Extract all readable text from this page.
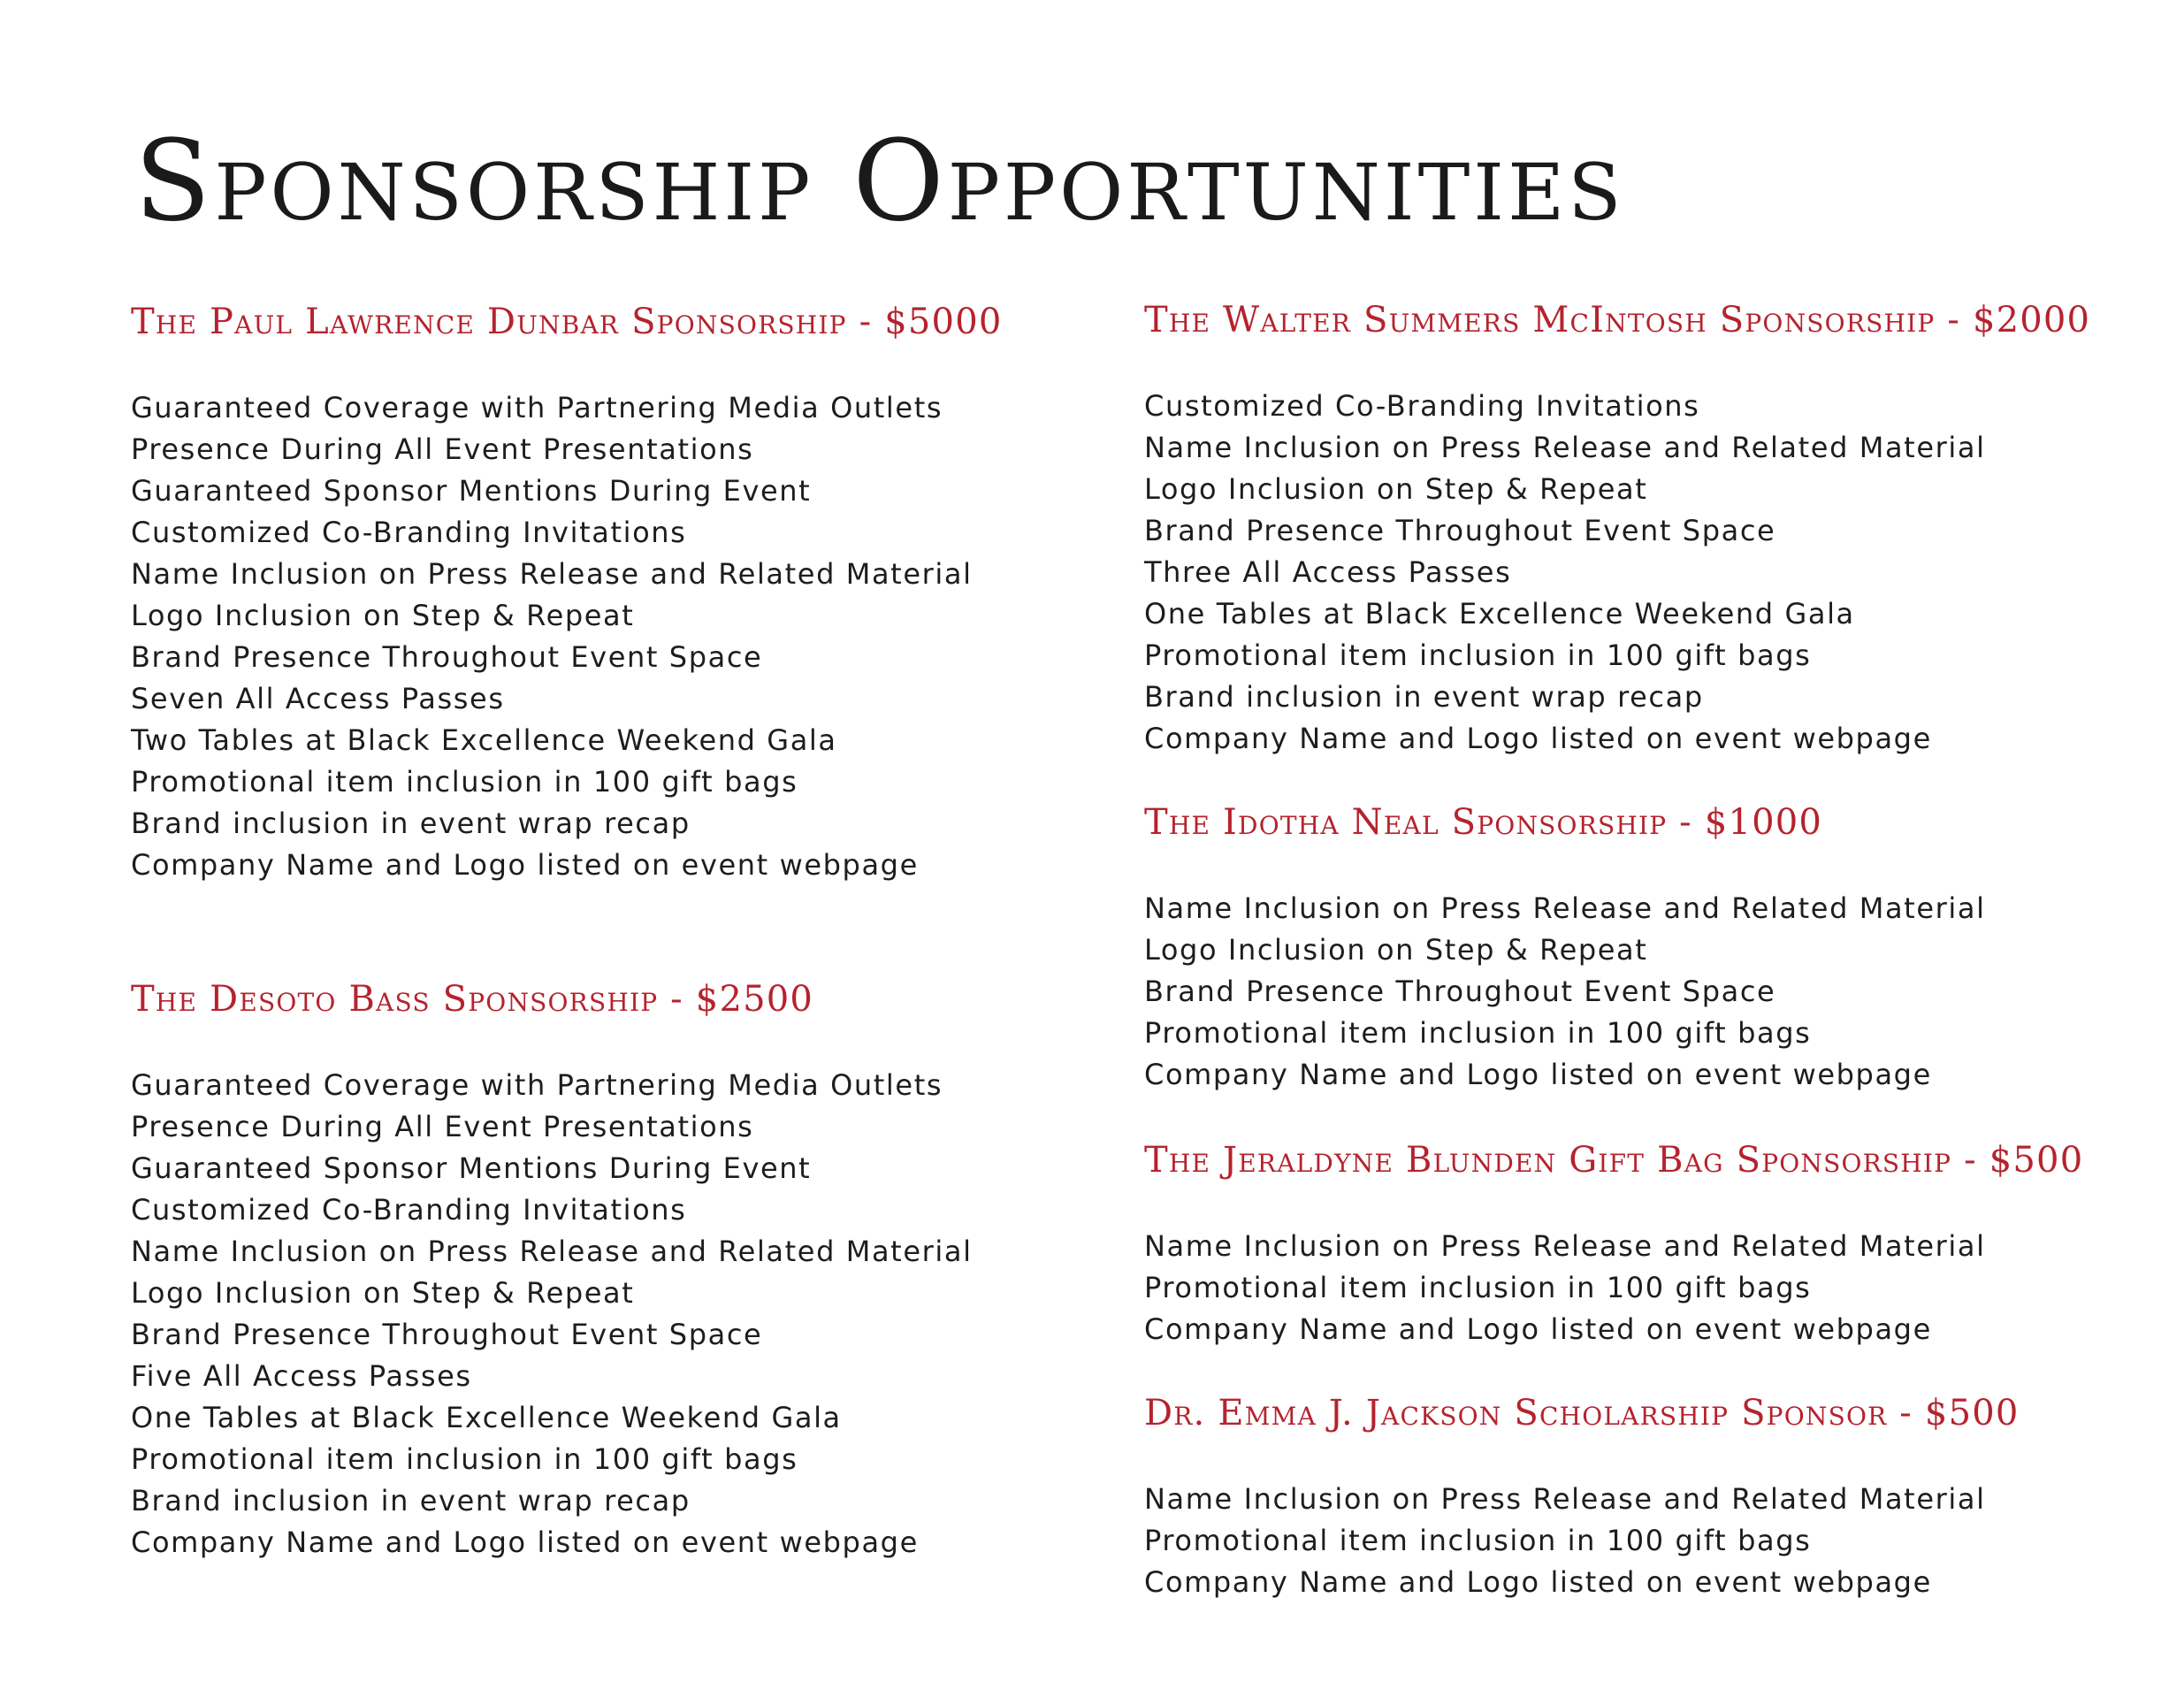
Sponsorship Opportunities
The Paul Lawrence Dunbar Sponsorship - $5000
Guaranteed Coverage with Partnering Media Outlets
Presence During All Event Presentations
Guaranteed Sponsor Mentions During Event
Customized Co-Branding Invitations
Name Inclusion on Press Release and Related Material
Logo Inclusion on Step & Repeat
Brand Presence Throughout Event Space
Seven All Access Passes
Two Tables at Black Excellence Weekend Gala
Promotional item inclusion in 100 gift bags
Brand inclusion in event wrap recap
Company Name and Logo listed on event webpage
The Desoto Bass Sponsorship - $2500
Guaranteed Coverage with Partnering Media Outlets
Presence During All Event Presentations
Guaranteed Sponsor Mentions During Event
Customized Co-Branding Invitations
Name Inclusion on Press Release and Related Material
Logo Inclusion on Step & Repeat
Brand Presence Throughout Event Space
Five All Access Passes
One Tables at Black Excellence Weekend Gala
Promotional item inclusion in 100 gift bags
Brand inclusion in event wrap recap
Company Name and Logo listed on event webpage
The Walter Summers McIntosh Sponsorship - $2000
Customized Co-Branding Invitations
Name Inclusion on Press Release and Related Material
Logo Inclusion on Step & Repeat
Brand Presence Throughout Event Space
Three All Access Passes
One Tables at Black Excellence Weekend Gala
Promotional item inclusion in 100 gift bags
Brand inclusion in event wrap recap
Company Name and Logo listed on event webpage
The Idotha Neal Sponsorship - $1000
Name Inclusion on Press Release and Related Material
Logo Inclusion on Step & Repeat
Brand Presence Throughout Event Space
Promotional item inclusion in 100 gift bags
Company Name and Logo listed on event webpage
The Jeraldyne Blunden Gift Bag Sponsorship - $500
Name Inclusion on Press Release and Related Material
Promotional item inclusion in 100 gift bags
Company Name and Logo listed on event webpage
Dr. Emma J. Jackson Scholarship Sponsor - $500
Name Inclusion on Press Release and Related Material
Promotional item inclusion in 100 gift bags
Company Name and Logo listed on event webpage
